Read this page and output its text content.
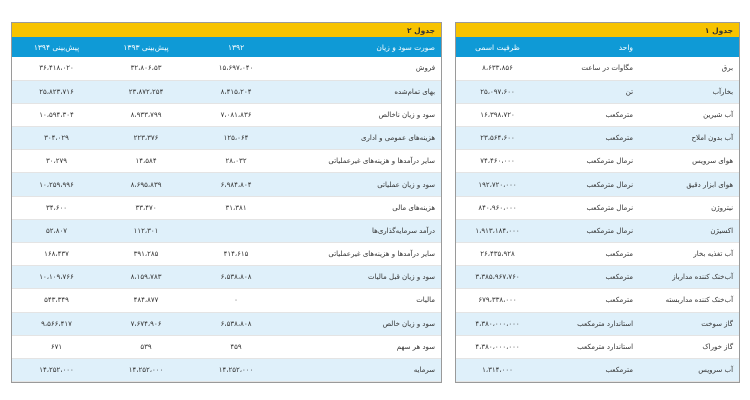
جدول ۲			
صورت سود و زیان	۱۳۹۲	پیش‌بینی ۱۳۹۳	پیش‌بینی ۱۳۹۴
فروش	۱۵،۶۹۷،۰۴۰	۳۲،۸۰۶،۵۳	۳۶،۴۱۸،۰۲۰
بهای تمام‌شده	۸،۴۱۵،۲۰۴	۲۳،۸۷۲،۲۵۴	۲۵،۸۲۳،۷۱۶
سود و زیان ناخالص	۷،۰۸۱،۸۳۶	۸،۹۳۳،۷۹۹	۱۰،۵۹۴،۳۰۴
هزینه‌های عمومی و اداری	۱۲۵،۰۶۴	۲۲۳،۳۷۶	۳۰۴،۰۲۹
سایر درآمدها و هزینه‌های غیرعملیاتی	۲۸،۰۳۲	۱۴،۵۸۴	۳۰،۲۷۹
سود و زیان عملیاتی	۶،۹۸۴،۸۰۴	۸،۶۹۵،۸۳۹	۱۰،۲۵۹،۹۹۶
هزینه‌های مالی	۳۱،۳۸۱	۳۳،۴۷۰	۳۴،۶۰۰
درآمد سرمایه‌گذاری‌ها		۱۱۲،۳۰۱	۵۲،۸۰۷
سایر درآمدها و هزینه‌های غیرعملیاتی	۴۱۴،۶۱۵	۳۹۱،۲۸۵	۱۶۸،۴۳۷
سود و زیان قبل مالیات	۶،۵۳۸،۸۰۸	۸،۱۵۹،۷۸۳	۱۰،۱۰۹،۷۶۶
مالیات	۰	۴۸۴،۸۷۷	۵۴۳،۳۴۹
سود و زیان خالص	۶،۵۳۸،۸۰۸	۷،۶۷۴،۹۰۶	۹،۵۶۶،۴۱۷
سود هر سهم	۴۵۹	۵۳۹	۶۷۱
سرمایه	۱۴،۲۵۲،۰۰۰	۱۴،۲۵۲،۰۰۰	۱۴،۲۵۲،۰۰۰
جدول ۱		
	واحد	ظرفیت اسمی
برق	مگاوات در ساعت	۸،۶۳۳،۸۵۶
بخارآب	تن	۲۵،۰۹۷،۶۰۰
آب شیرین	مترمکعب	۱۶،۳۹۸،۷۲۰
آب بدون املاح	مترمکعب	۲۳،۵۶۴،۶۰۰
هوای سرویس	نرمال مترمکعب	۷۴،۴۶۰،۰۰۰
هوای ابزار دقیق	نرمال مترمکعب	۱۹۲،۷۲۰،۰۰۰
نیتروژن	نرمال مترمکعب	۸۴۰،۹۶۰،۰۰۰
اکسیژن	نرمال مترمکعب	۱،۹۱۳،۱۸۴،۰۰۰
آب تغذیه بخار	مترمکعب	۲۶،۴۳۵،۹۲۸
آب‌خنک کننده مدارباز	مترمکعب	۳،۳۸۵،۹۶۷،۷۶۰
آب‌خنک کننده مداربسته	مترمکعب	۶۷۹،۳۳۸،۰۰۰
گاز سوخت	استاندارد مترمکعب	۴،۳۸۰،۰۰۰،۰۰۰
گاز خوراک	استاندارد مترمکعب	۴،۳۸۰،۰۰۰،۰۰۰
آب سرویس	مترمکعب	۱،۳۱۴،۰۰۰
